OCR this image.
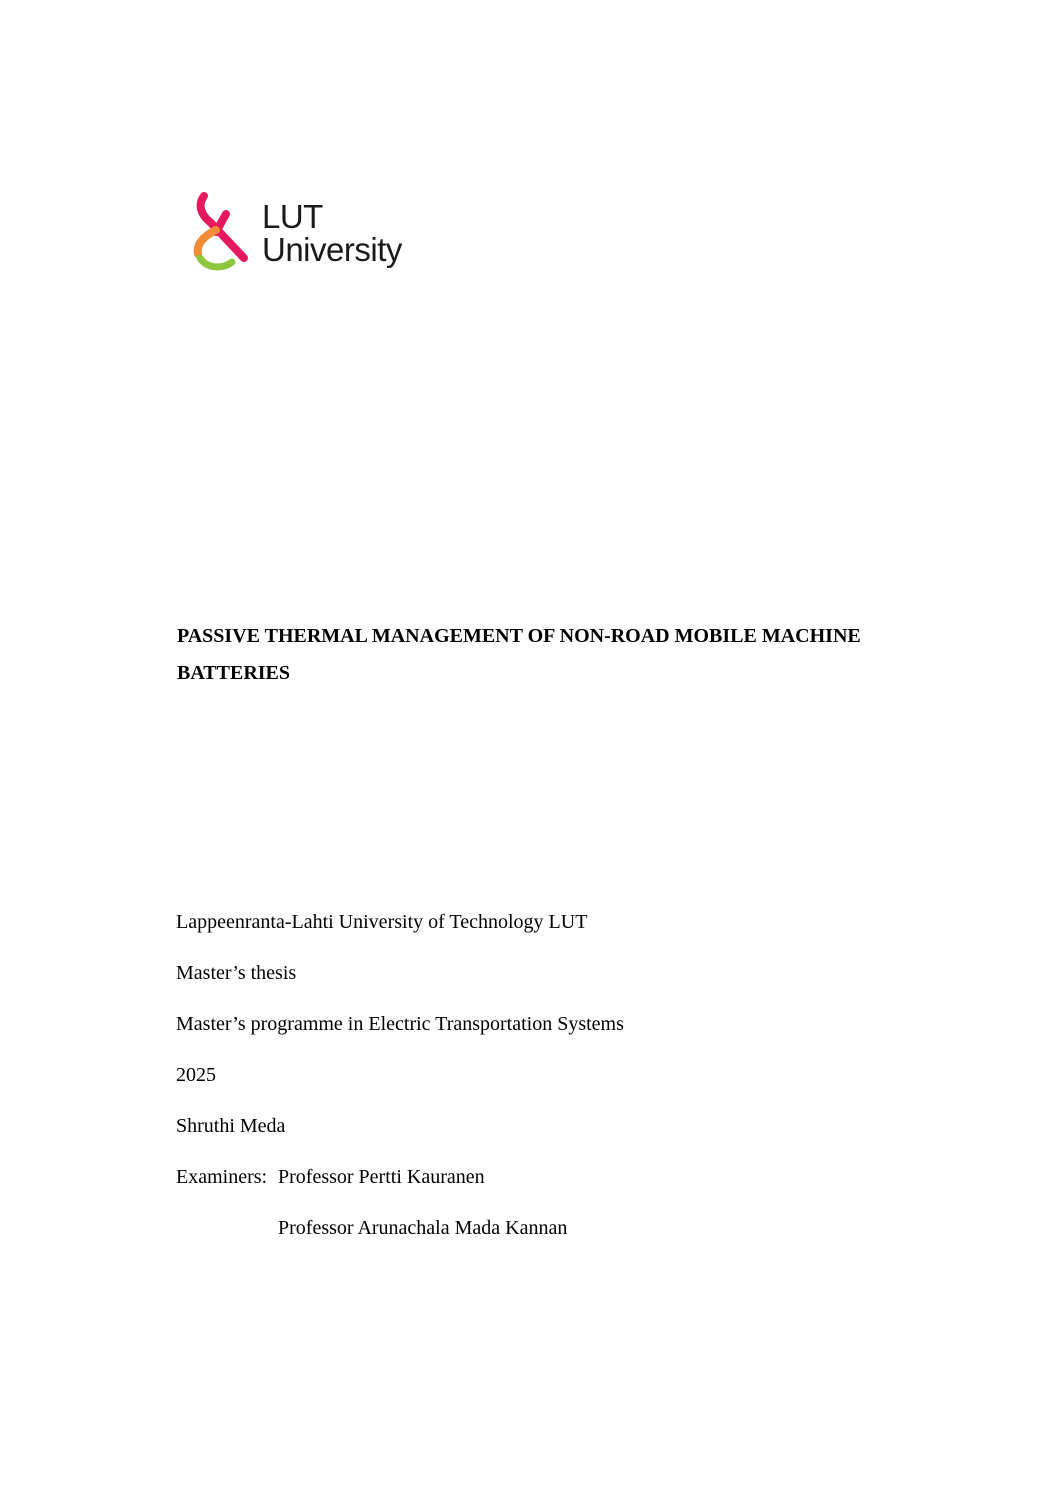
LUT
University
PASSIVE THERMAL MANAGEMENT OF NON-ROAD MOBILE MACHINE
BATTERIES
Lappeenranta-Lahti University of Technology LUT
Master’s thesis
Master’s programme in Electric Transportation Systems
2025
Shruthi Meda
Examiners: Professor Pertti Kauranen
Professor Arunachala Mada Kannan
